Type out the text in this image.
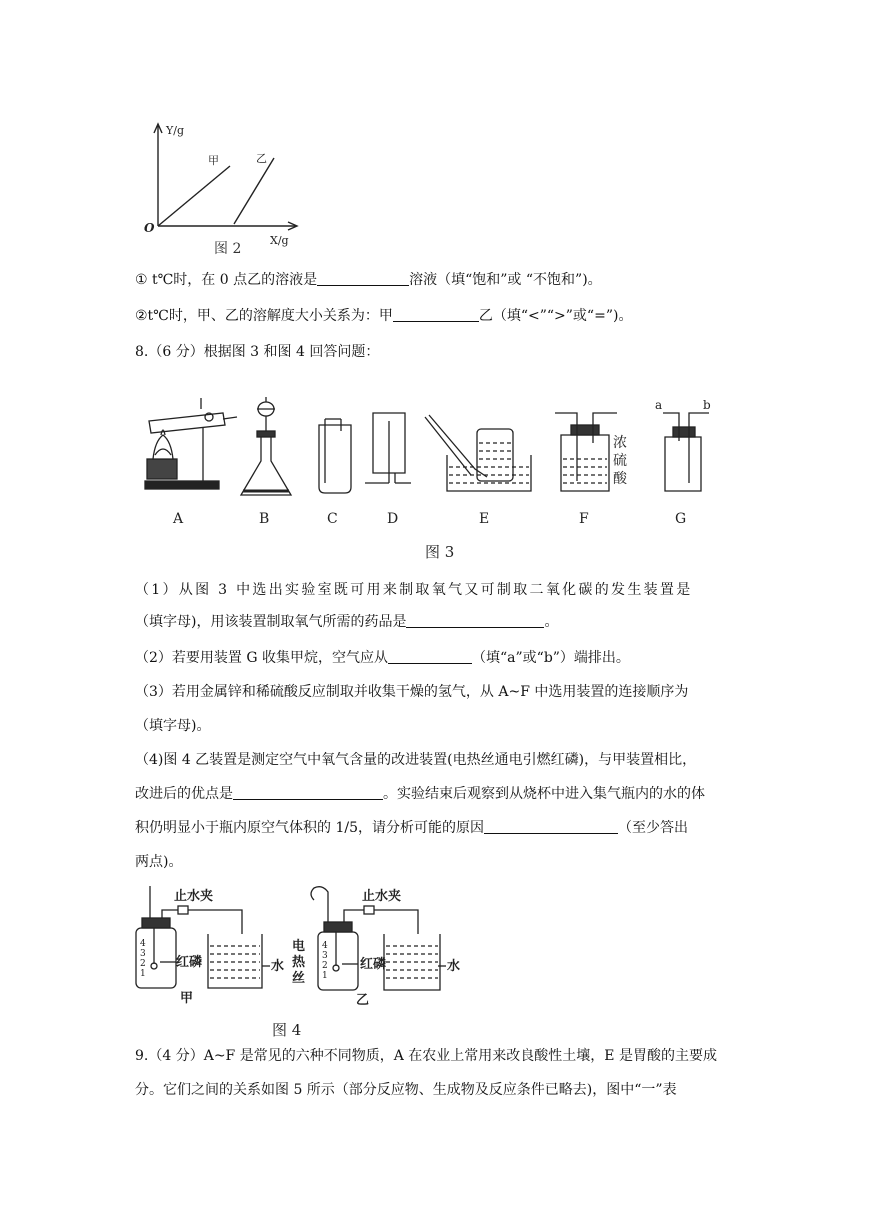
Y/g
X/g
O
甲	乙
图 2
① t℃时，在 0 点乙的溶液是	溶液（填“饱和”或 “不饱和”)。
②t℃时，甲、乙的溶解度大小关系为：甲	乙（填“<”“>”或“=”)。
8.（6 分）根据图 3 和图 4 回答问题：
浓
硫
酸
a	b
A	B	C	D	E	F	G
图 3
（1）从图 3 中选出实验室既可用来制取氧气又可制取二氧化碳的发生装置是
（填字母)，用该装置制取氧气所需的药品是	。
（2）若要用装置 G 收集甲烷，空气应从	（填“a”或“b”）端排出。
（3）若用金属锌和稀硫酸反应制取并收集干燥的氢气，从 A~F 中选用装置的连接顺序为
（填字母)。
（4)图 4 乙装置是测定空气中氧气含量的改进装置(电热丝通电引燃红磷)，与甲装置相比，
改进后的优点是	。实验结束后观察到从烧杯中进入集气瓶内的水的体
积仍明显小于瓶内原空气体积的 1/5，请分析可能的原因	（至少答出
两点)。
止水夹	止水夹
4
3
2
1
4
3
2
1
红磷	红磷
水	水
电
热
丝
甲	乙
图 4
9.（4 分）A~F 是常见的六种不同物质，A 在农业上常用来改良酸性土壤，E 是胃酸的主要成
分。它们之间的关系如图 5 所示（部分反应物、生成物及反应条件已略去)，图中“一”表
